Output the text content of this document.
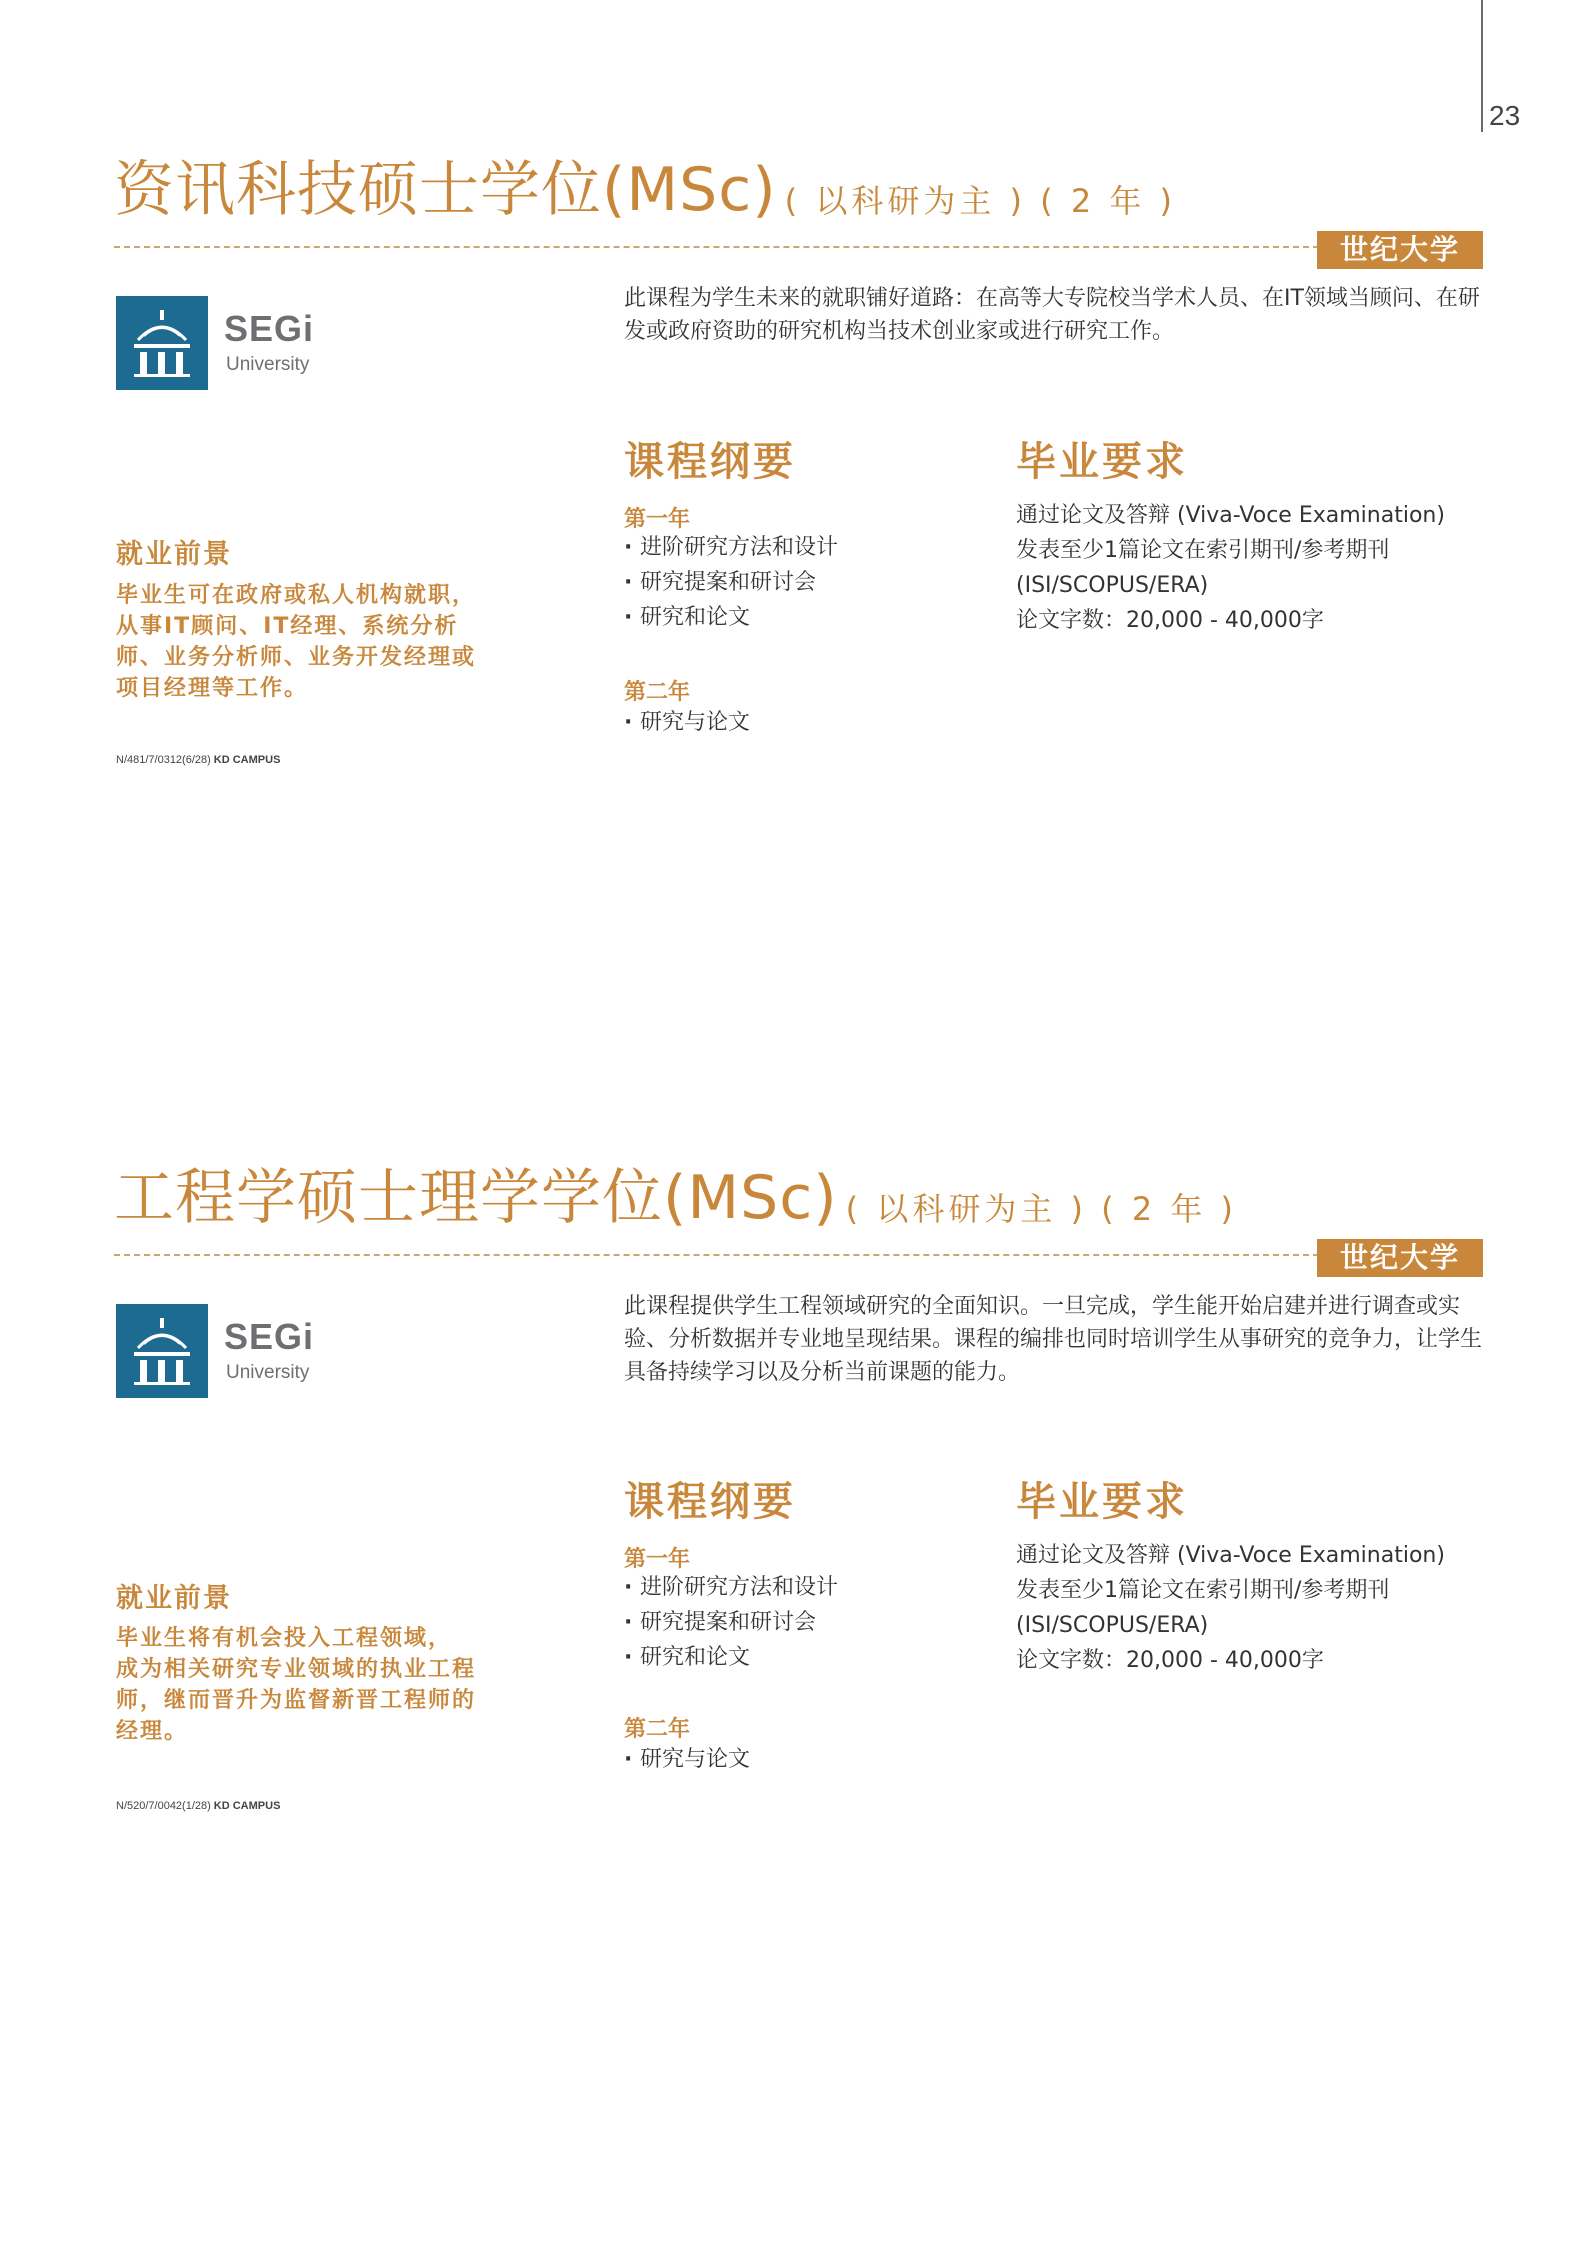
23
资讯科技硕士学位(MSc) ( 以科研为主 ) ( 2 年 )
世纪大学
SEGi
University
此课程为学生未来的就职铺好道路：在高等大专院校当学术人员、在IT领域当顾问、在研发或政府资助的研究机构当技术创业家或进行研究工作。
课程纲要	毕业要求
第一年
· 进阶研究方法和设计
· 研究提案和研讨会
· 研究和论文
第二年
· 研究与论文
通过论文及答辩 (Viva-Voce Examination)
发表至少1篇论文在索引期刊/参考期刊
(ISI/SCOPUS/ERA)
论文字数：20,000 - 40,000字
就业前景
毕业生可在政府或私人机构就职，
从事IT顾问、IT经理、系统分析
师、业务分析师、业务开发经理或
项目经理等工作。
N/481/7/0312(6/28) KD CAMPUS
工程学硕士理学学位(MSc) ( 以科研为主 ) ( 2 年 )
世纪大学
SEGi
University
此课程提供学生工程领域研究的全面知识。一旦完成，学生能开始启建并进行调查或实验、分析数据并专业地呈现结果。课程的编排也同时培训学生从事研究的竞争力，让学生具备持续学习以及分析当前课题的能力。
课程纲要	毕业要求
第一年
· 进阶研究方法和设计
· 研究提案和研讨会
· 研究和论文
第二年
· 研究与论文
通过论文及答辩 (Viva-Voce Examination)
发表至少1篇论文在索引期刊/参考期刊
(ISI/SCOPUS/ERA)
论文字数：20,000 - 40,000字
就业前景
毕业生将有机会投入工程领域，
成为相关研究专业领域的执业工程
师，继而晋升为监督新晋工程师的
经理。
N/520/7/0042(1/28) KD CAMPUS
